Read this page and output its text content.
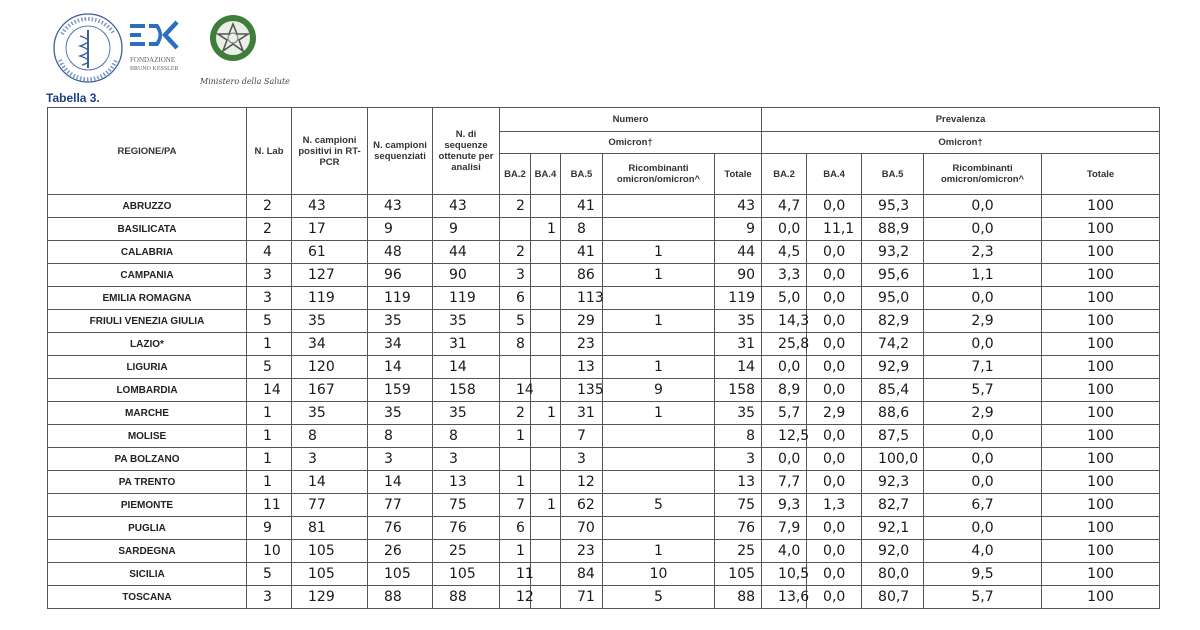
FONDAZIONE
BRUNO KESSLER
Ministero della Salute

Tabella 3.

REGIONE/PA	N. Lab	N. campioni positivi in RT-PCR	N. campioni sequenziati	N. di sequenze ottenute per analisi	Numero					Prevalenza				
					Omicron†					Omicron†				
					BA.2	BA.4	BA.5	Ricombinanti omicron/omicron^	Totale	BA.2	BA.4	BA.5	Ricombinanti omicron/omicron^	Totale
ABRUZZO	2	43	43	43	2		41		43	4,7	0,0	95,3	0,0	100
BASILICATA	2	17	9	9		1	8		9	0,0	11,1	88,9	0,0	100
CALABRIA	4	61	48	44	2		41	1	44	4,5	0,0	93,2	2,3	100
CAMPANIA	3	127	96	90	3		86	1	90	3,3	0,0	95,6	1,1	100
EMILIA ROMAGNA	3	119	119	119	6		113		119	5,0	0,0	95,0	0,0	100
FRIULI VENEZIA GIULIA	5	35	35	35	5		29	1	35	14,3	0,0	82,9	2,9	100
LAZIO*	1	34	34	31	8		23		31	25,8	0,0	74,2	0,0	100
LIGURIA	5	120	14	14			13	1	14	0,0	0,0	92,9	7,1	100
LOMBARDIA	14	167	159	158	14		135	9	158	8,9	0,0	85,4	5,7	100
MARCHE	1	35	35	35	2	1	31	1	35	5,7	2,9	88,6	2,9	100
MOLISE	1	8	8	8	1		7		8	12,5	0,0	87,5	0,0	100
PA BOLZANO	1	3	3	3			3		3	0,0	0,0	100,0	0,0	100
PA TRENTO	1	14	14	13	1		12		13	7,7	0,0	92,3	0,0	100
PIEMONTE	11	77	77	75	7	1	62	5	75	9,3	1,3	82,7	6,7	100
PUGLIA	9	81	76	76	6		70		76	7,9	0,0	92,1	0,0	100
SARDEGNA	10	105	26	25	1		23	1	25	4,0	0,0	92,0	4,0	100
SICILIA	5	105	105	105	11		84	10	105	10,5	0,0	80,0	9,5	100
TOSCANA	3	129	88	88	12		71	5	88	13,6	0,0	80,7	5,7	100
